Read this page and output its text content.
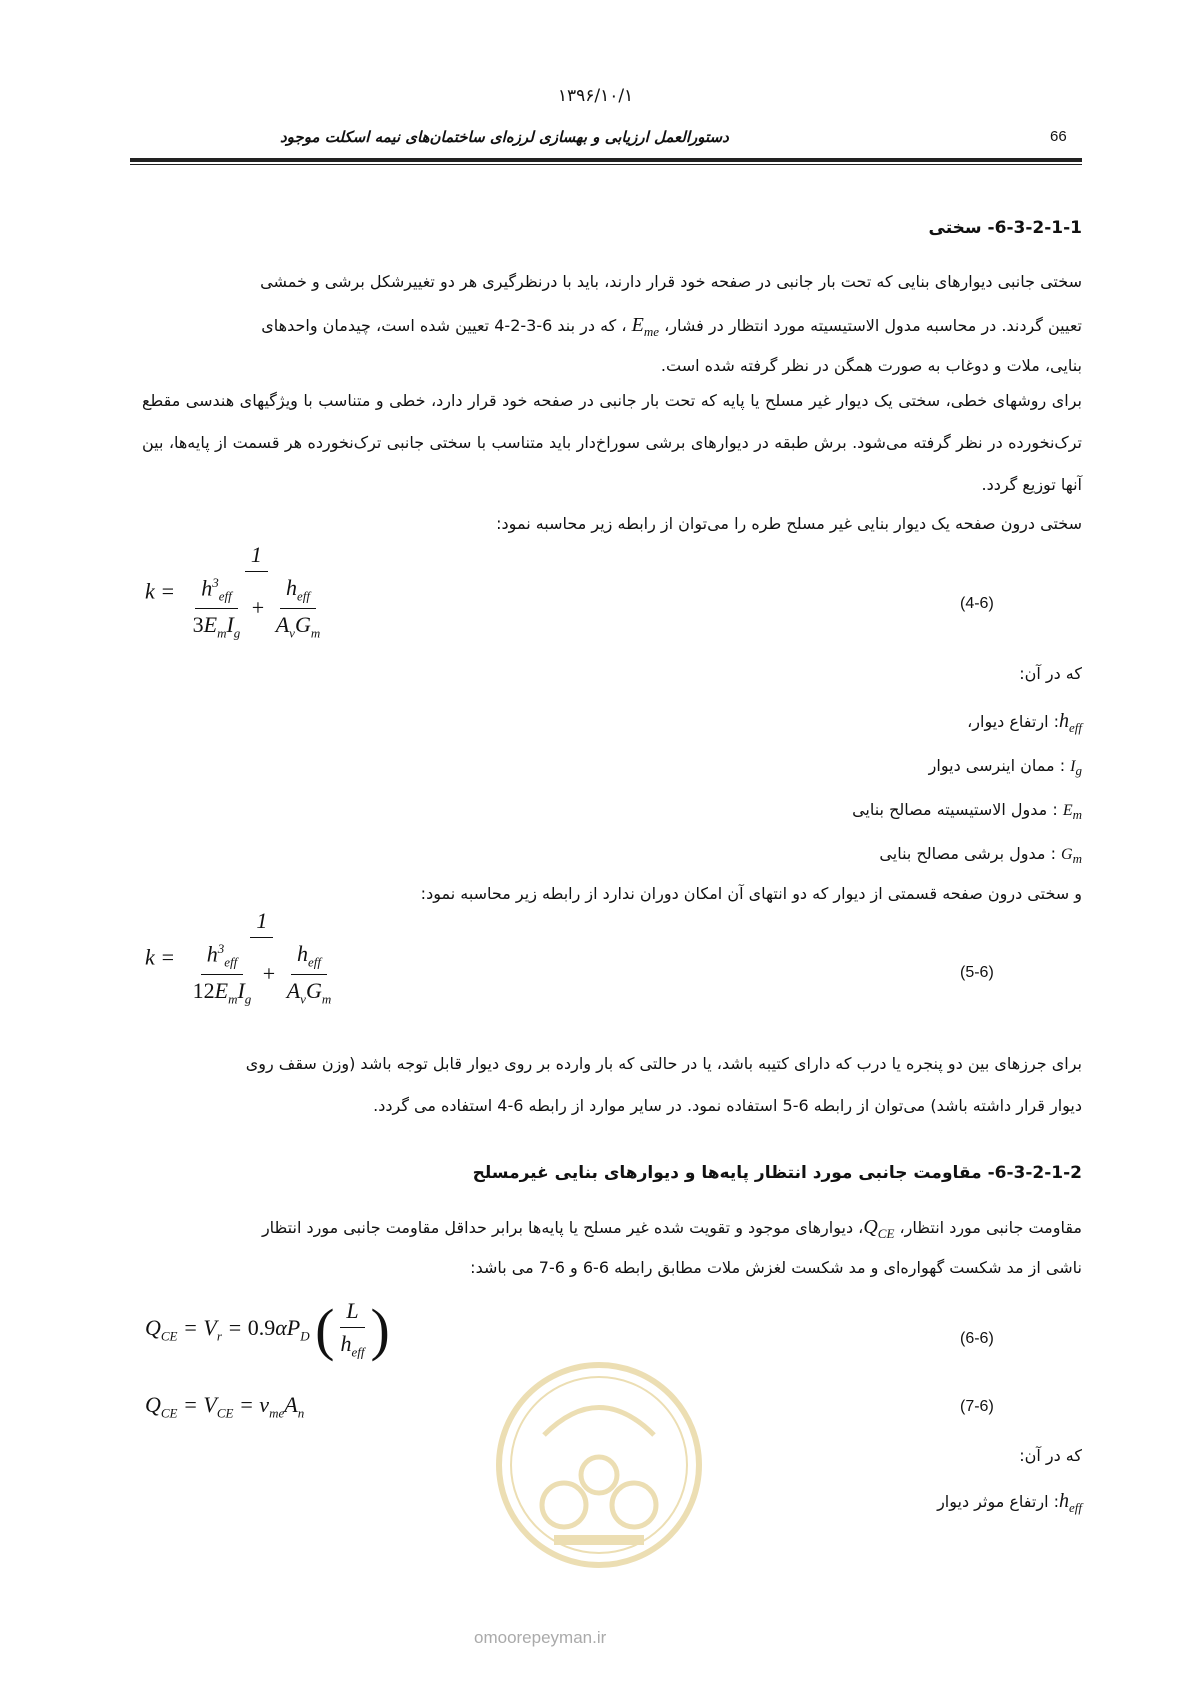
۱۳۹۶/۱۰/۱
66
دستورالعمل ارزیابی و بهسازی لرزه‌ای ساختمان‌های نیمه اسکلت موجود
6-3-2-1-1- سختی
سختی جانبی دیوارهای بنایی که تحت بار جانبی در صفحه خود قرار دارند، باید با درنظرگیری هر دو تغییرشکل برشی و خمشی
تعیین گردند. در محاسبه مدول الاستیسیته مورد انتظار در فشار، $E_{me}$ ، که در بند 6-3-2-4 تعیین شده است، چیدمان واحدهای
بنایی، ملات و دوغاب به صورت همگن در نظر گرفته شده است.
برای روشهای خطی، سختی یک دیوار غیر مسلح یا پایه که تحت بار جانبی در صفحه خود قرار دارد، خطی و متناسب با ویژگیهای هندسی مقطع ترک‌نخورده در نظر گرفته می‌شود. برش طبقه در دیوارهای برشی سوراخ‌دار باید متناسب با سختی جانبی ترک‌نخورده هر قسمت از پایه‌ها، بین آنها توزیع گردد.
سختی درون صفحه یک دیوار بنایی غیر مسلح طره را می‌توان از رابطه زیر محاسبه نمود:
$k = \frac{1}{\frac{h^3_{eff}}{3E_mI_g} + \frac{h_{eff}}{A_vG_m}}$	(4-6)
که در آن:
$h_{eff}$: ارتفاع دیوار،
$I_g$ : ممان اینرسی دیوار
$E_m$ : مدول الاستیسیته مصالح بنایی
$G_m$ : مدول برشی مصالح بنایی
و سختی درون صفحه قسمتی از دیوار که دو انتهای آن امکان دوران ندارد از رابطه زیر محاسبه نمود:
$k = \frac{1}{\frac{h^3_{eff}}{12E_mI_g} + \frac{h_{eff}}{A_vG_m}}$	(5-6)
برای جرزهای بین دو پنجره یا درب که دارای کتیبه باشد، یا در حالتی که بار وارده بر روی دیوار قابل توجه باشد (وزن سقف روی
دیوار قرار داشته باشد) می‌توان از رابطه 6-5 استفاده نمود. در سایر موارد از رابطه 6-4 استفاده می گردد.
6-3-2-1-2- مقاومت جانبی مورد انتظار پایه‌ها و دیوارهای بنایی غیرمسلح
مقاومت جانبی مورد انتظار، $Q_{CE}،$ دیوارهای موجود و تقویت شده غیر مسلح یا پایه‌ها برابر حداقل مقاومت جانبی مورد انتظار
ناشی از مد شکست گهواره‌ای و مد شکست لغزش ملات مطابق رابطه 6-6 و 6-7 می باشد:
$Q_{CE} = V_r = 0.9\alpha P_D$ ( $\frac{L}{h_{eff}}$ )	(6-6)
$Q_{CE} = V_{CE} = v_{me}A_n$	(7-6)
که در آن:
$h_{eff}$: ارتفاع موثر دیوار
omoorepeyman.ir
